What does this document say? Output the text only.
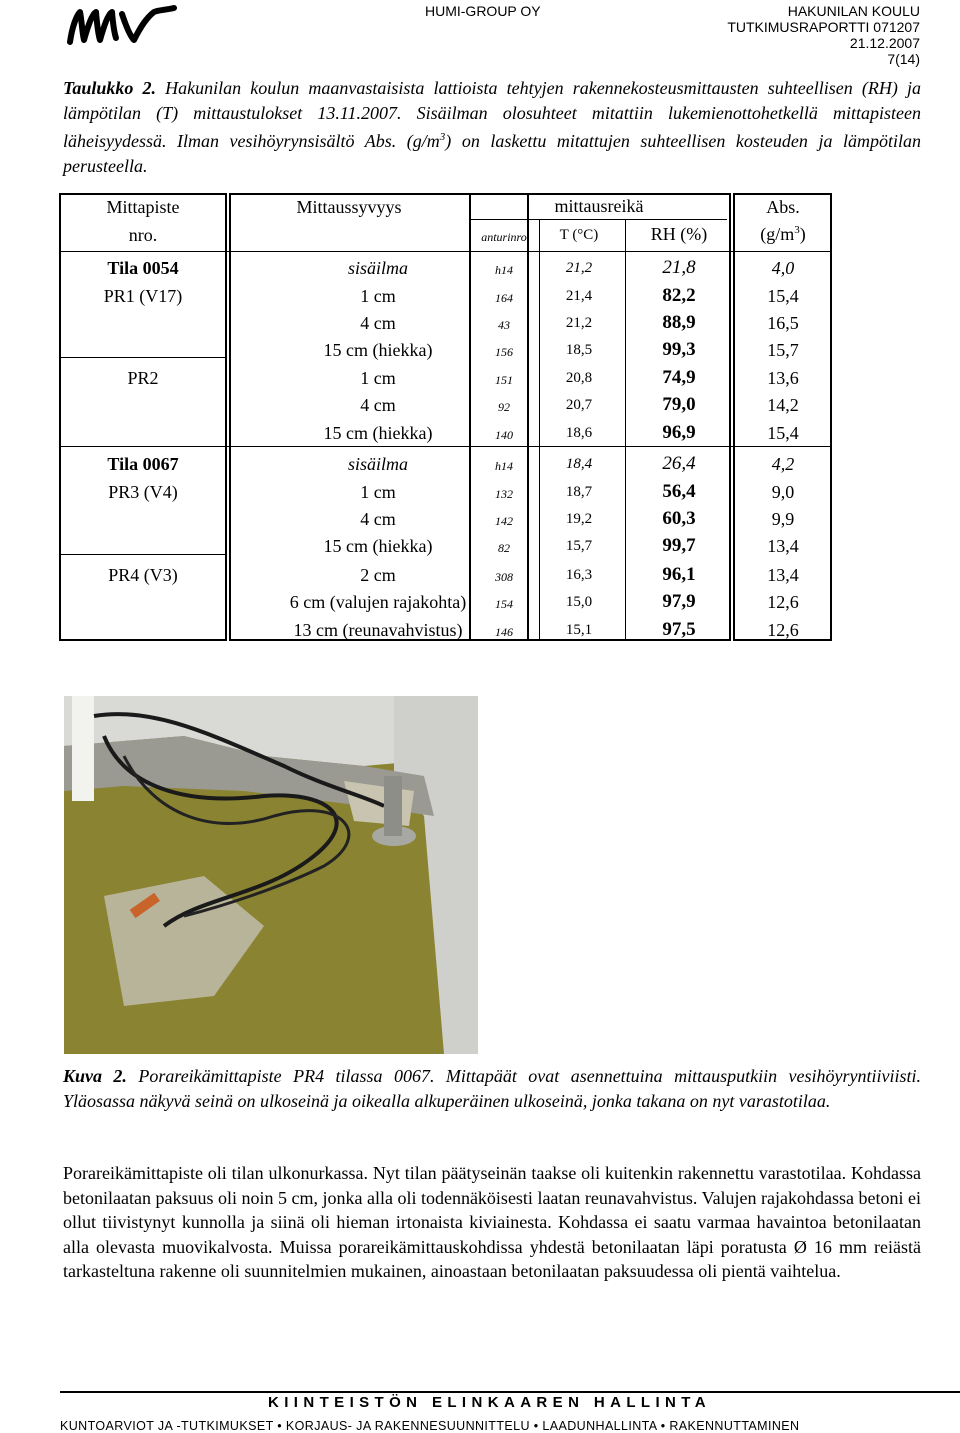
HUMI-GROUP OY	HAKUNILAN KOULU
TUTKIMUSRAPORTTI 071207
21.12.2007
7(14)
Taulukko 2. Hakunilan koulun maanvastaisista lattioista tehtyjen rakennekosteusmittausten suhteellisen (RH) ja lämpötilan (T) mittaustulokset 13.11.2007. Sisäilman olosuhteet mitattiin lukemienottohetkellä mittapisteen läheisyydessä. Ilman vesihöyrynsisältö Abs. $(g/m^3)$ on laskettu mitattujen suhteellisen kosteuden ja lämpötilan perusteella.
Mittapiste
nro.
Mittaussyvyys	mittausreikä
anturinro	T (°C)	RH (%)
Abs.
$(g/m^3)$
Tila 0054	sisäilma	h14	21,2	21,8	4,0
PR1 (V17)	1 cm	164	21,4	82,2	15,4
4 cm	43	21,2	88,9	16,5
15 cm (hiekka)	156	18,5	99,3	15,7
PR2	1 cm	151	20,8	74,9	13,6
4 cm	92	20,7	79,0	14,2
15 cm (hiekka)	140	18,6	96,9	15,4
Tila 0067	sisäilma	h14	18,4	26,4	4,2
PR3 (V4)	1 cm	132	18,7	56,4	9,0
4 cm	142	19,2	60,3	9,9
15 cm (hiekka)	82	15,7	99,7	13,4
PR4 (V3)	2 cm	308	16,3	96,1	13,4
6 cm (valujen rajakohta)	154	15,0	97,9	12,6
13 cm (reunavahvistus)	146	15,1	97,5	12,6
Kuva 2. Porareikämittapiste PR4 tilassa 0067. Mittapäät ovat asennettuina mittausputkiin vesihöyryntiiviisti. Yläosassa näkyvä seinä on ulkoseinä ja oikealla alkuperäinen ulkoseinä, jonka takana on nyt varastotilaa.
Porareikämittapiste oli tilan ulkonurkassa. Nyt tilan päätyseinän taakse oli kuitenkin rakennettu varastotilaa. Kohdassa betonilaatan paksuus oli noin 5 cm, jonka alla oli todennäköisesti laatan reunavahvistus. Valujen rajakohdassa betoni ei ollut tiivistynyt kunnolla ja siinä oli hieman irtonaista kiviainesta. Kohdassa ei saatu varmaa havaintoa betonilaatan alla olevasta muovikalvosta. Muissa porareikämittauskohdissa yhdestä betonilaatan läpi poratusta Ø 16 mm reiästä tarkasteltuna rakenne oli suunnitelmien mukainen, ainoastaan betonilaatan paksuudessa oli pientä vaihtelua.
KIINTEISTÖN ELINKAAREN HALLINTA
KUNTOARVIOT JA -TUTKIMUKSET • KORJAUS- JA RAKENNESUUNNITTELU • LAADUNHALLINTA • RAKENNUTTAMINEN
